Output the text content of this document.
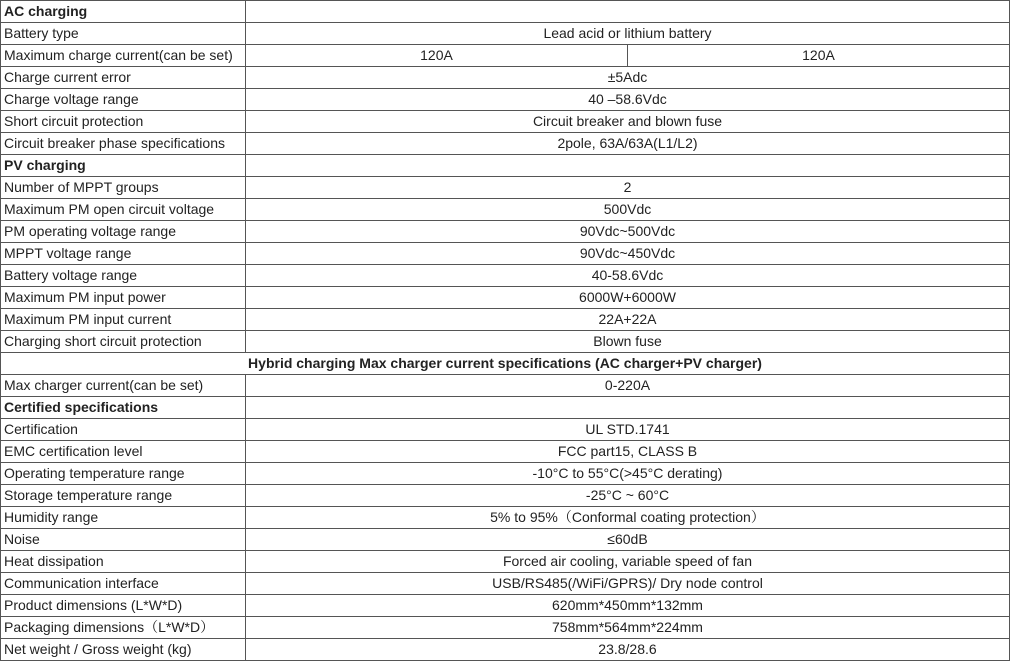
AC charging		
Battery type	Lead acid or lithium battery	
Maximum charge current(can be set)	120A	120A
Charge current error	±5Adc	
Charge voltage range	40 –58.6Vdc	
Short circuit protection	Circuit breaker and blown fuse	
Circuit breaker phase specifications	2pole, 63A/63A(L1/L2)	
PV charging		
Number of MPPT groups	2	
Maximum PM open circuit voltage	500Vdc	
PM operating voltage range	90Vdc~500Vdc	
MPPT voltage range	90Vdc~450Vdc	
Battery voltage range	40-58.6Vdc	
Maximum PM input power	6000W+6000W	
Maximum PM input current	22A+22A	
Charging short circuit protection	Blown fuse	
Hybrid charging Max charger current specifications (AC charger+PV charger)		
Max charger current(can be set)	0-220A	
Certified specifications		
Certification	UL STD.1741	
EMC certification level	FCC part15, CLASS B	
Operating temperature range	-10°C to 55°C(>45°C derating)	
Storage temperature range	-25°C ~ 60°C	
Humidity range	5% to 95%（Conformal coating protection）	
Noise	≤60dB	
Heat dissipation	Forced air cooling, variable speed of fan	
Communication interface	USB/RS485(/WiFi/GPRS)/ Dry node control	
Product dimensions (L*W*D)	620mm*450mm*132mm	
Packaging dimensions（L*W*D）	758mm*564mm*224mm	
Net weight / Gross weight (kg)	23.8/28.6	
